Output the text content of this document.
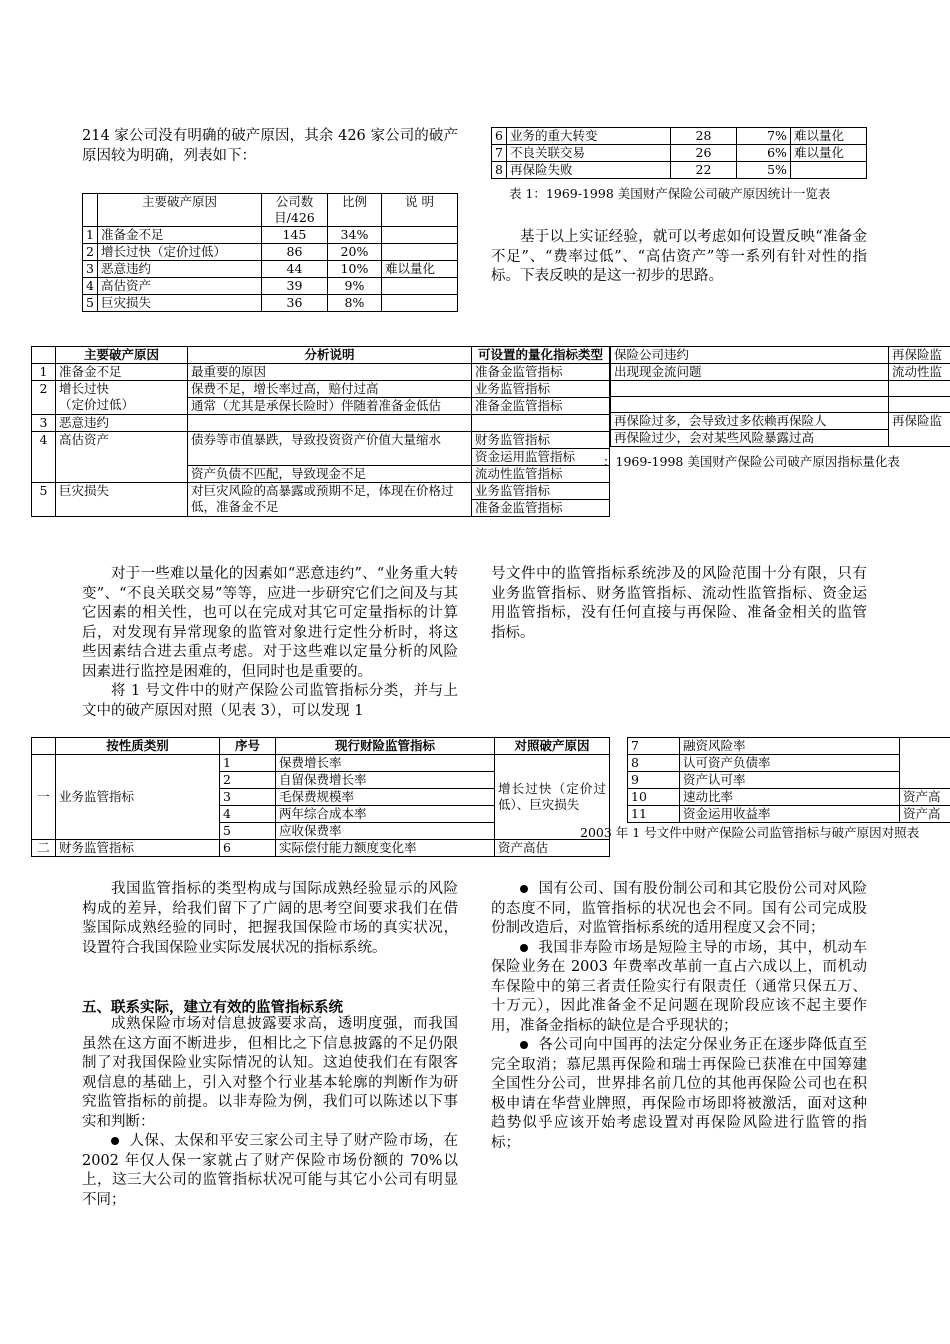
214 家公司没有明确的破产原因，其余 426 家公司的破产原因较为明确，列表如下：

	主要破产原因	公司数目/426	比例	说 明
1	准备金不足	145	34%	
2	增长过快（定价过低）	86	20%	
3	恶意违约	44	10%	难以量化
4	高估资产	39	9%	
5	巨灾损失	36	8%	
6	业务的重大转变	28	7%	难以量化
7	不良关联交易	26	6%	难以量化
8	再保险失败	22	5%	
表 1：1969-1998 美国财产保险公司破产原因统计一览表

基于以上实证经验，就可以考虑如何设置反映“准备金不足”、“费率过低”、“高估资产”等一系列有针对性的指标。下表反映的是这一初步的思路。

	主要破产原因	分析说明	可设置的量化指标类型
1	准备金不足	最重要的原因	准备金监管指标
2	增长过快
（定价过低）	保费不足，增长率过高，赔付过高	业务监管指标
		通常（尤其是承保长险时）伴随着准备金低估	准备金监管指标
3	恶意违约		
4	高估资产	债券等市值暴跌，导致投资资产价值大量缩水	财务监管指标
			资金运用监管指标
		资产负债不匹配，导致现金不足	流动性监管指标
5	巨灾损失	对巨灾风险的高暴露或预期不足，体现在价格过低，准备金不足	业务监管指标
			准备金监管指标
保险公司违约	再保险监
出现现金流问题	流动性监

再保险过多，会导致过多依赖再保险人	再保险监
再保险过少，会对某些风险暴露过高	
：1969-1998 美国财产保险公司破产原因指标量化表

对于一些难以量化的因素如“恶意违约”、“业务重大转变”、“不良关联交易”等等，应进一步研究它们之间及与其它因素的相关性，也可以在完成对其它可定量指标的计算后，对发现有异常现象的监管对象进行定性分析时，将这些因素结合进去重点考虑。对于这些难以定量分析的风险因素进行监控是困难的，但同时也是重要的。

将 1 号文件中的财产保险公司监管指标分类，并与上文中的破产原因对照（见表 3），可以发现 1

号文件中的监管指标系统涉及的风险范围十分有限，只有业务监管指标、财务监管指标、流动性监管指标、资金运用监管指标，没有任何直接与再保险、准备金相关的监管指标。

	按性质类别	序号	现行财险监管指标	对照破产原因
一	业务监管指标	1	保费增长率	增长过快（定价过低）、巨灾损失
		2	自留保费增长率	
		3	毛保费规模率	
		4	两年综合成本率	
		5	应收保费率	
二	财务监管指标	6	实际偿付能力额度变化率	资产高估
7	融资风险率	
8	认可资产负债率	
9	资产认可率	
10	速动比率	资产高
11	资金运用收益率	资产高
2003 年 1 号文件中财产保险公司监管指标与破产原因对照表

我国监管指标的类型构成与国际成熟经验显示的风险构成的差异，给我们留下了广阔的思考空间要求我们在借鉴国际成熟经验的同时，把握我国保险市场的真实状况，设置符合我国保险业实际发展状况的指标系统。

五、联系实际，建立有效的监管指标系统

成熟保险市场对信息披露要求高，透明度强，而我国虽然在这方面不断进步，但相比之下信息披露的不足仍限制了对我国保险业实际情况的认知。这迫使我们在有限客观信息的基础上，引入对整个行业基本轮廓的判断作为研究监管指标的前提。以非寿险为例，我们可以陈述以下事实和判断：

人保、太保和平安三家公司主导了财产险市场，在 2002 年仅人保一家就占了财产保险市场份额的 70%以上，这三大公司的监管指标状况可能与其它小公司有明显不同；

国有公司、国有股份制公司和其它股份公司对风险的态度不同，监管指标的状况也会不同。国有公司完成股份制改造后，对监管指标系统的适用程度又会不同；

我国非寿险市场是短险主导的市场，其中，机动车保险业务在 2003 年费率改革前一直占六成以上，而机动车保险中的第三者责任险实行有限责任（通常只保五万、十万元），因此准备金不足问题在现阶段应该不起主要作用，准备金指标的缺位是合乎现状的；

各公司向中国再的法定分保业务正在逐步降低直至完全取消；慕尼黑再保险和瑞士再保险已获准在中国筹建全国性分公司，世界排名前几位的其他再保险公司也在积极申请在华营业牌照，再保险市场即将被激活，面对这种趋势似乎应该开始考虑设置对再保险风险进行监管的指标；
